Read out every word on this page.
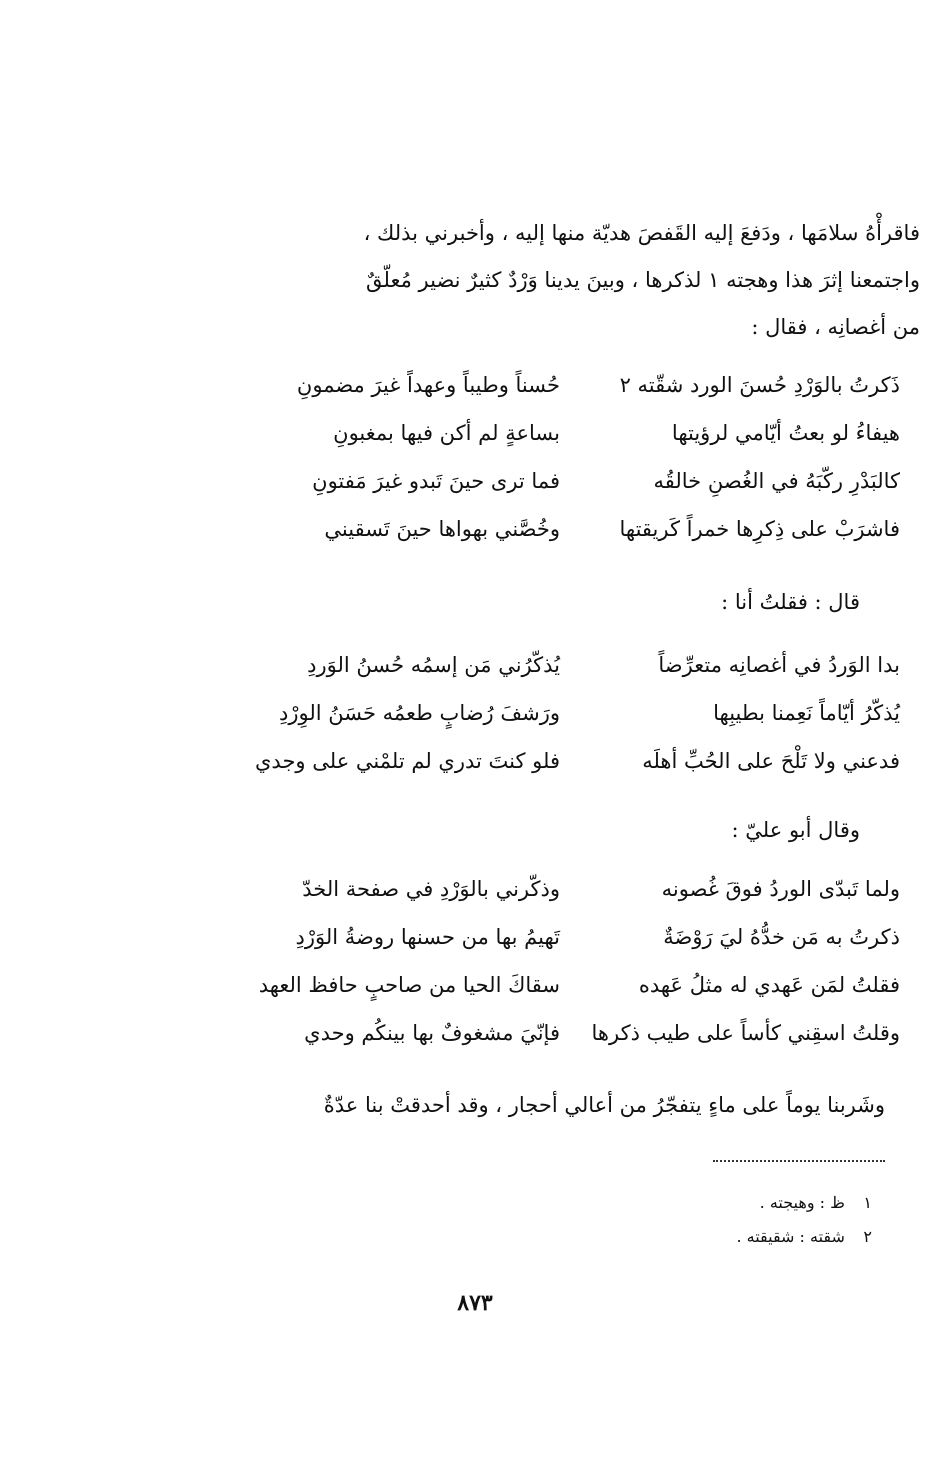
فاقرأْهُ سلامَها ، ودَفعَ إليه القَفصَ هديّة منها إليه ، وأخبرني بذلك ،
واجتمعنا إثرَ هذا وهجته ١ لذكرها ، وبينَ يدينا وَرْدٌ كثيرٌ نضير مُعلّقٌ
من أغصانِه ، فقال :
ذَكرتُ بالوَرْدِ حُسنَ الورد شقّته ٢
حُسناً وطيباً وعهداً غيرَ مضمونِ
هيفاءُ لو بعتُ أيّامي لرؤيتها
بساعةٍ لم أكن فيها بمغبونِ
كالبَدْرِ ركّبَهُ في الغُصنِ خالقُه
فما ترى حينَ تَبدو غيرَ مَفتونِ
فاشرَبْ على ذِكرِها خمراً كَريقتها
وخُصَّني بهواها حينَ تَسقيني
قال : فقلتُ أنا :
بدا الوَردُ في أغصانِه متعرِّضاً
يُذكّرُني مَن إسمُه حُسنُ الوَردِ
يُذكّرُ أيّاماً نَعِمنا بطيبِها
ورَشفَ رُضابٍ طعمُه حَسَنُ الوِرْدِ
فدعني ولا تَلْحَ على الحُبِّ أهلَه
فلو كنتَ تدري لم تلمْني على وجدي
وقال أبو عليّ :
ولما تَبدّى الوردُ فوقَ غُصونه
وذكّرني بالوَرْدِ في صفحة الخدّ
ذكرتُ به مَن خدُّهُ ليَ رَوْضَةٌ
تَهيمُ بها من حسنها روضةُ الوَرْدِ
فقلتُ لمَن عَهدي له مثلُ عَهده
سقاكَ الحيا من صاحبٍ حافظ العهد
وقلتُ اسقِني كأساً على طيب ذكرها
فإنّيَ مشغوفٌ بها بينكُم وحدي
وشَربنا يوماً على ماءٍ يتفجّرُ من أعالي أحجار ، وقد أحدقتْ بنا عدّةٌ
١ ظ : وهيجته .
٢ شقته : شقيقته .
٨٧٣
